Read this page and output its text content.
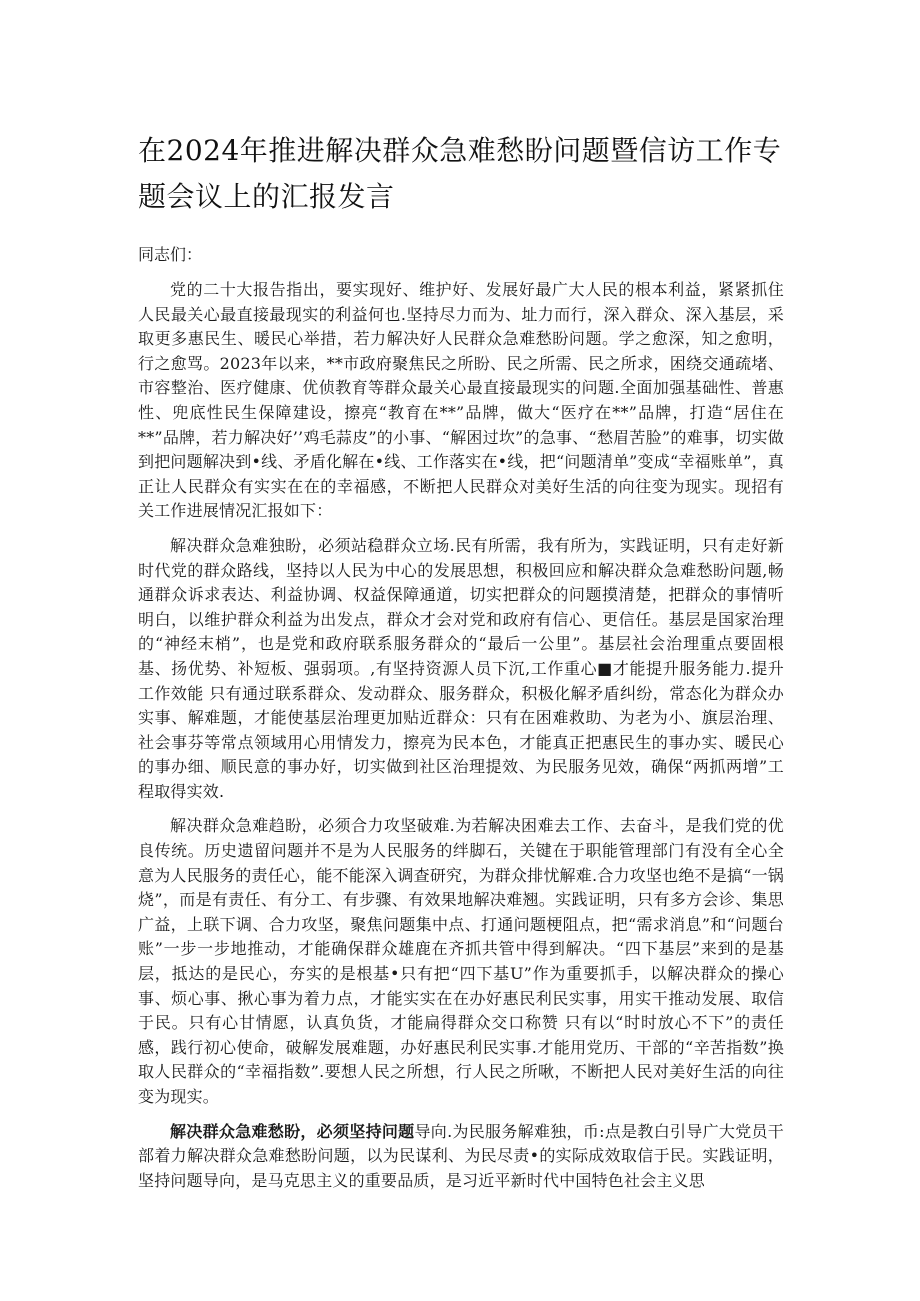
在2024年推进解决群众急难愁盼问题暨信访工作专题会议上的汇报发言

同志们：

党的二十大报告指出，要实现好、维护好、发展好最广大人民的根本利益，紧紧抓住人民最关心最直接最现实的利益何也.坚持尽力而为、址力而行，深入群众、深入基层，采取更多惠民生、暖民心举措，若力解决好人民群众急难愁盼问题。学之愈深，知之愈明，行之愈骂。2023年以来，**市政府聚焦民之所盼、民之所需、民之所求，困绕交通疏堵、市容整治、医疗健康、优侦教育等群众最关心最直接最现实的问题.全面加强基础性、普惠性、兜底性民生保障建设，擦亮“教育在**”品牌，做大“医疗在**”品牌，打造“居住在**”品牌，若力解决好’’鸡毛蒜皮”的小事、“解困过坎”的急事、“愁眉苦脸”的难事，切实做到把问题解决到•线、矛盾化解在•线、工作落实在•线，把“问题清单”变成“幸福账单”，真正让人民群众有实实在在的幸福感，不断把人民群众对美好生活的向往变为现实。现招有关工作进展情况汇报如下：

解决群众急难独盼，必须站稳群众立场.民有所需，我有所为，实践证明，只有走好新时代党的群众路线，坚持以人民为中心的发展思想，积极回应和解决群众急难愁盼问题,畅通群众诉求表达、利益协调、权益保障通道，切实把群众的问题摸清楚，把群众的事情听明白，以维护群众利益为出发点，群众才会对党和政府有信心、更信任。基层是国家治理的“神经末梢”，也是党和政府联系服务群众的“最后一公里”。基层社会治理重点要固根基、扬优势、补短板、强弱项。,有坚持资源人员下沉,工作重心■才能提升服务能力.提升工作效能 只有通过联系群众、发动群众、服务群众，积极化解矛盾纠纷，常态化为群众办实事、解难题，才能使基层治理更加贴近群众：只有在困难救助、为老为小、旗层治理、社会事芬等常点领域用心用情发力，擦亮为民本色，才能真正把惠民生的事办实、暖民心的事办细、顺民意的事办好，切实做到社区治理提效、为民服务见效，确保“两抓两增”工程取得实效.

解决群众急难趋盼，必须合力攻坚破难.为若解决困难去工作、去奋斗，是我们党的优良传统。历史遗留问题并不是为人民服务的绊脚石，关键在于职能管理部门有没有全心全意为人民服务的责任心，能不能深入调查研究，为群众排忧解难.合力攻坚也绝不是搞“一锅烧”，而是有责任、有分工、有步骤、有效果地解决难翘。实践证明，只有多方会诊、集思广益，上联下调、合力攻坚，聚焦问题集中点、打通问题梗阻点，把“需求消息”和“问题台账”一步一步地推动，才能确保群众雄鹿在齐抓共管中得到解决。“四下基层”来到的是基层，抵达的是民心，夯实的是根基•只有把“四下基U”作为重要抓手，以解决群众的操心事、烦心事、揪心事为着力点，才能实实在在办好惠民利民实事，用实干推动发展、取信于民。只有心甘情愿，认真负货，才能扁得群众交口称赞 只有以“时时放心不下”的责任感，践行初心使命，破解发展难题，办好惠民利民实事.才能用党历、干部的“辛苦指数”换取人民群众的“幸福指数”.要想人民之所想，行人民之所啾，不断把人民对美好生活的向往变为现实。

解决群众急难愁盼，必须坚持问题导向.为民服务解难独，币:点是教白引导广大党员干部着力解决群众急难愁盼问题，以为民谋利、为民尽责•的实际成效取信于民。实践证明，坚持问题导向，是马克思主义的重要品质，是习近平新时代中国特色社会主义思
